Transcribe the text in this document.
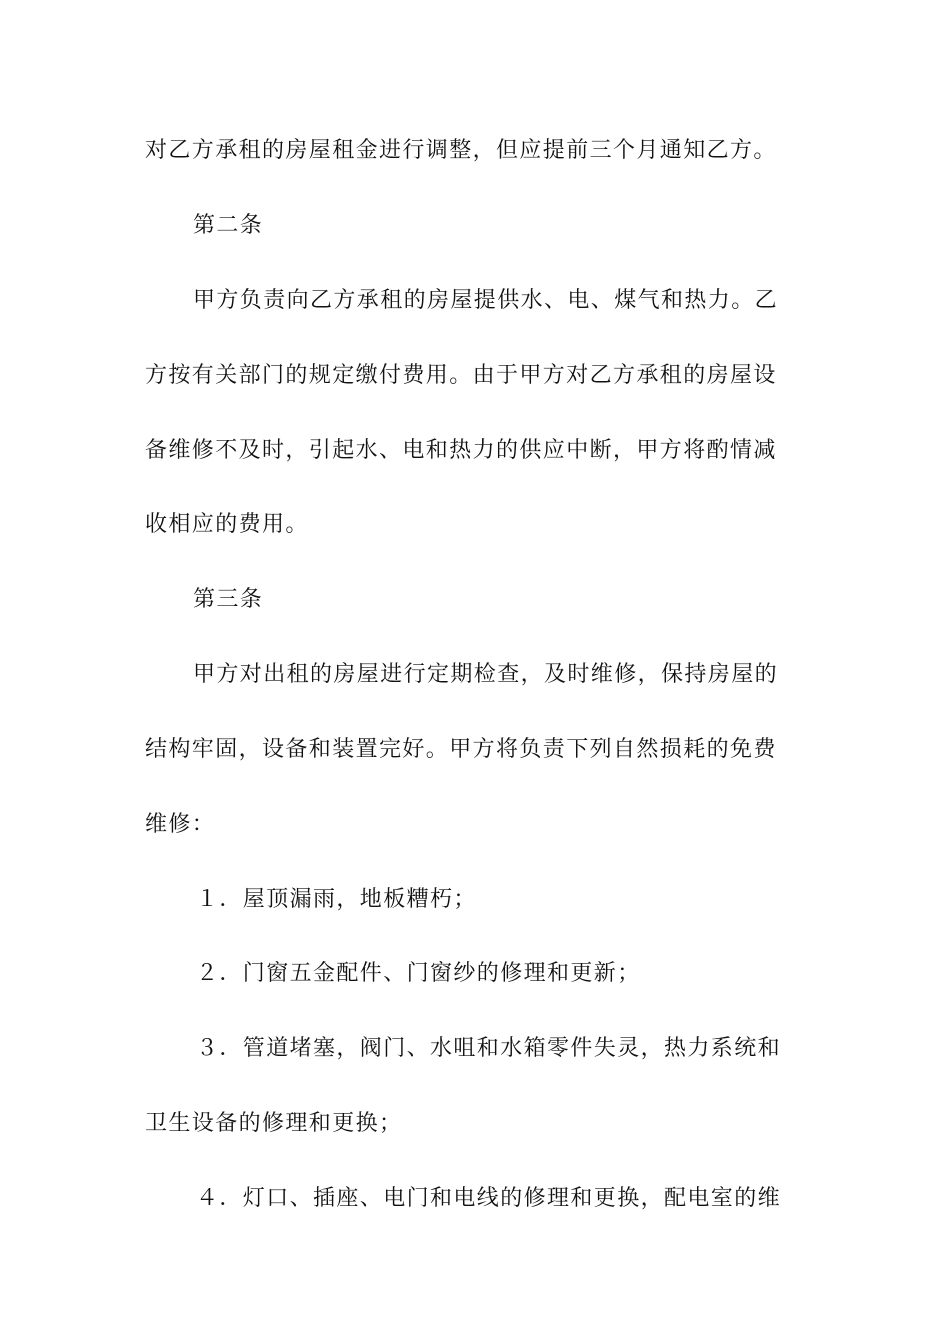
对乙方承租的房屋租金进行调整，但应提前三个月通知乙方。
第二条
甲方负责向乙方承租的房屋提供水、电、煤气和热力。乙
方按有关部门的规定缴付费用。由于甲方对乙方承租的房屋设
备维修不及时，引起水、电和热力的供应中断，甲方将酌情减
收相应的费用。
第三条
甲方对出租的房屋进行定期检查，及时维修，保持房屋的
结构牢固，设备和装置完好。甲方将负责下列自然损耗的免费
维修：
１．屋顶漏雨，地板糟朽；
２．门窗五金配件、门窗纱的修理和更新；
３．管道堵塞，阀门、水咀和水箱零件失灵，热力系统和
卫生设备的修理和更换；
４．灯口、插座、电门和电线的修理和更换，配电室的维
